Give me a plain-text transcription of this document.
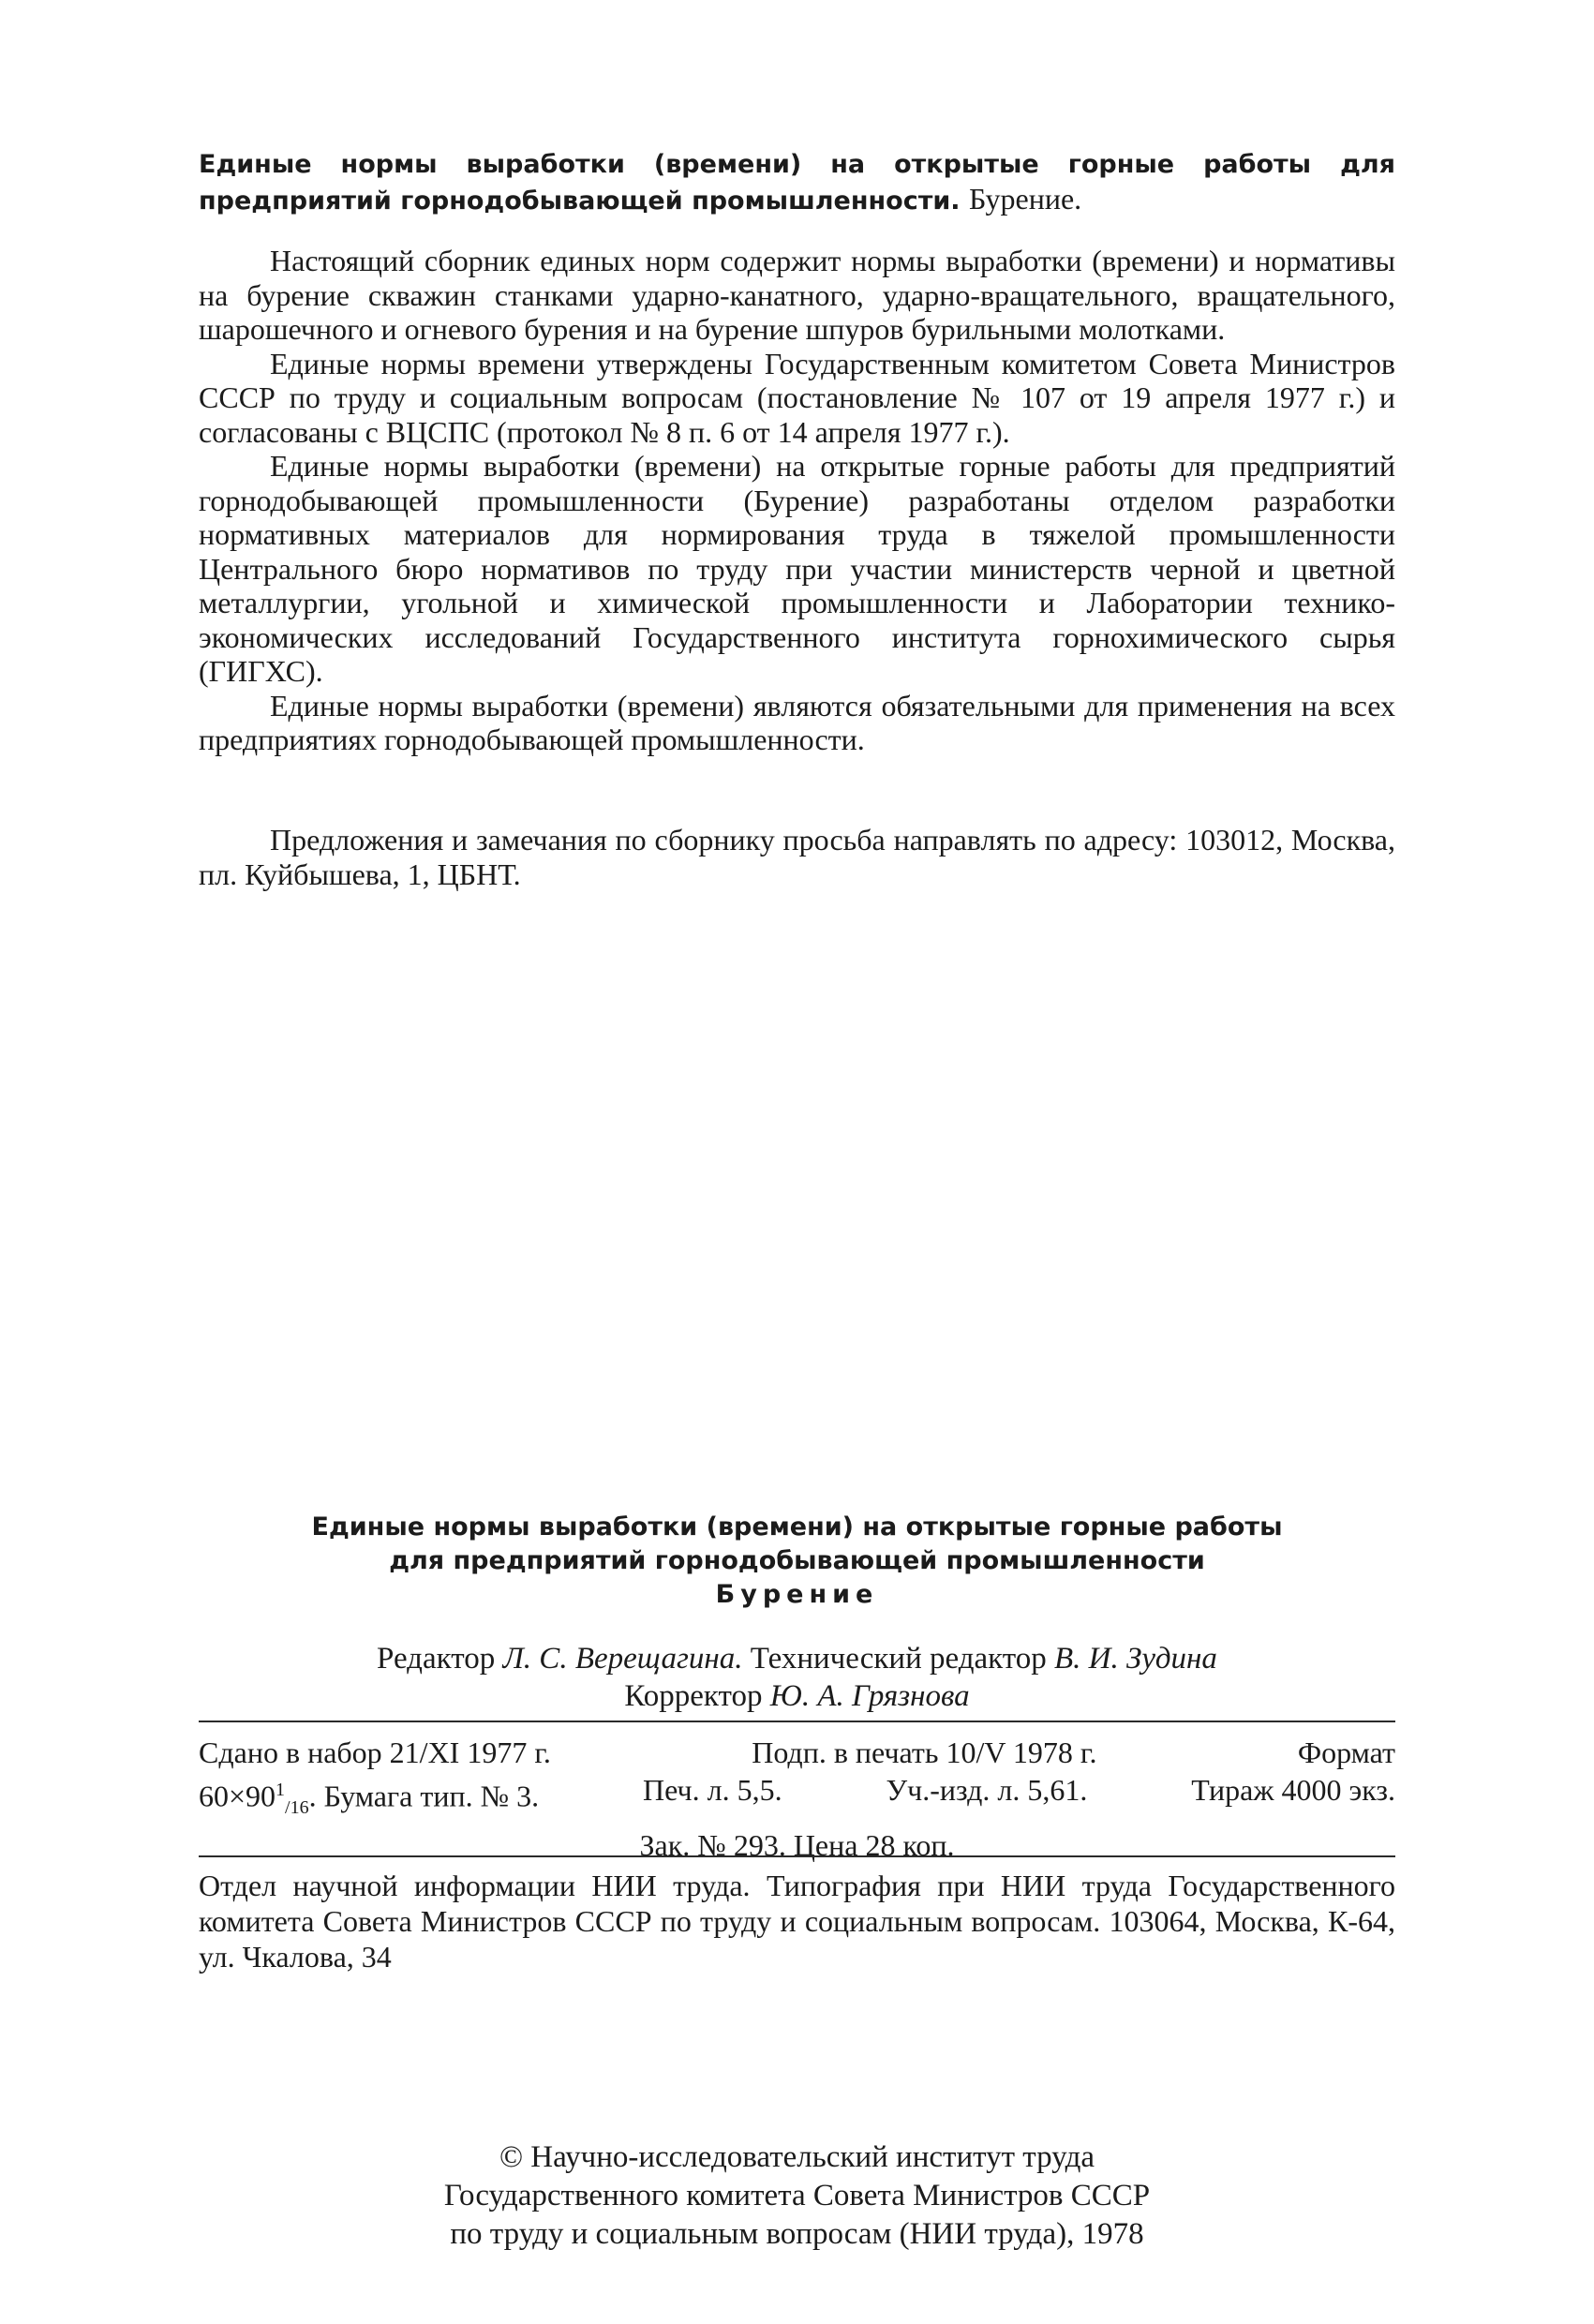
Единые нормы выработки (времени) на открытые горные работы для предприятий горнодобывающей промышленности. Бурение.

Настоящий сборник единых норм содержит нормы выработки (времени) и нормативы на бурение скважин станками ударно-канатного, ударно-вращательного, вращательного, шарошечного и огневого бурения и на бурение шпуров бурильными молотками.

Единые нормы времени утверждены Государственным комитетом Совета Министров СССР по труду и социальным вопросам (постановление № 107 от 19 апреля 1977 г.) и согласованы с ВЦСПС (протокол № 8 п. 6 от 14 апреля 1977 г.).

Единые нормы выработки (времени) на открытые горные работы для предприятий горнодобывающей промышленности (Бурение) разработаны отделом разработки нормативных материалов для нормирования труда в тяжелой промышленности Центрального бюро нормативов по труду при участии министерств черной и цветной металлургии, угольной и химической промышленности и Лаборатории технико-экономических исследований Государственного института горнохимического сырья (ГИГХС).

Единые нормы выработки (времени) являются обязательными для применения на всех предприятиях горнодобывающей промышленности.

Предложения и замечания по сборнику просьба направлять по адресу: 103012, Москва, пл. Куйбышева, 1, ЦБНТ.

Единые нормы выработки (времени) на открытые горные работы
для предприятий горнодобывающей промышленности
Бурение
Редактор Л. С. Верещагина. Технический редактор В. И. Зудина
Корректор Ю. А. Грязнова
Сдано в набор 21/XI 1977 г.	Подп. в печать 10/V 1978 г.	Формат
$60\times 90^1_{/16}$. Бумага тип. № 3.	Печ. л. 5,5.	Уч.-изд. л. 5,61.	Тираж 4000 экз.
Зак. № 293. Цена 28 коп.
Отдел научной информации НИИ труда. Типография при НИИ труда Государственного комитета Совета Министров СССР по труду и социальным вопросам. 103064, Москва, К-64, ул. Чкалова, 34
© Научно-исследовательский институт труда
Государственного комитета Совета Министров СССР
по труду и социальным вопросам (НИИ труда), 1978
